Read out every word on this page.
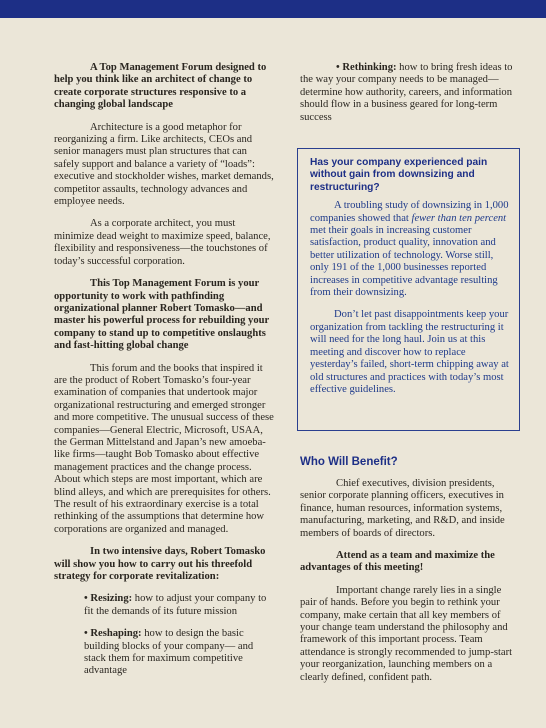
A Top Management Forum designed to help you think like an architect of change to create corporate structures responsive to a changing global landscape

Architecture is a good metaphor for reorganizing a firm. Like architects, CEOs and senior managers must plan structures that can safely support and balance a variety of “loads”: executive and stockholder wishes, market demands, competitor assaults, technology advances and employee needs.

As a corporate architect, you must minimize dead weight to maximize speed, balance, flexibility and responsiveness—the touchstones of today’s successful corporation.

This Top Management Forum is your opportunity to work with pathfinding organizational planner Robert Tomasko—and master his powerful process for rebuilding your company to stand up to competitive onslaughts and fast-hitting global change

This forum and the books that inspired it are the product of Robert Tomasko’s four-year examination of companies that undertook major organizational restructuring and emerged stronger and more competitive. The unusual success of these companies—General Electric, Microsoft, USAA, the German Mittelstand and Japan’s new amoeba-like firms—taught Bob Tomasko about effective management practices and the change process. About which steps are most important, which are blind alleys, and which are prerequisites for others. The result of his extraordinary exercise is a total rethinking of the assumptions that determine how corporations are organized and managed.

In two intensive days, Robert Tomasko will show you how to carry out his threefold strategy for corporate revitalization:

• Resizing: how to adjust your company to fit the demands of its future mission

• Reshaping: how to design the basic building blocks of your company— and stack them for maximum competitive advantage

• Rethinking: how to bring fresh ideas to the way your company needs to be managed—determine how authority, careers, and information should flow in a business geared for long-term success

Has your company experienced pain without gain from downsizing and restructuring?

A troubling study of downsizing in 1,000 companies showed that fewer than ten percent met their goals in increasing customer satisfaction, product quality, innovation and better utilization of technology. Worse still, only 191 of the 1,000 businesses reported increases in competitive advantage resulting from their downsizing.

Don’t let past disappointments keep your organization from tackling the restructuring it will need for the long haul. Join us at this meeting and discover how to replace yesterday’s failed, short-term chipping away at old structures and practices with today’s most effective guidelines.

Who Will Benefit?

Chief executives, division presidents, senior corporate planning officers, executives in finance, human resources, information systems, manufacturing, marketing, and R&D, and inside members of boards of directors.

Attend as a team and maximize the advantages of this meeting!

Important change rarely lies in a single pair of hands. Before you begin to rethink your company, make certain that all key members of your change team understand the philosophy and framework of this important process. Team attendance is strongly recommended to jump-start your reorganization, launching members on a clearly defined, confident path.
